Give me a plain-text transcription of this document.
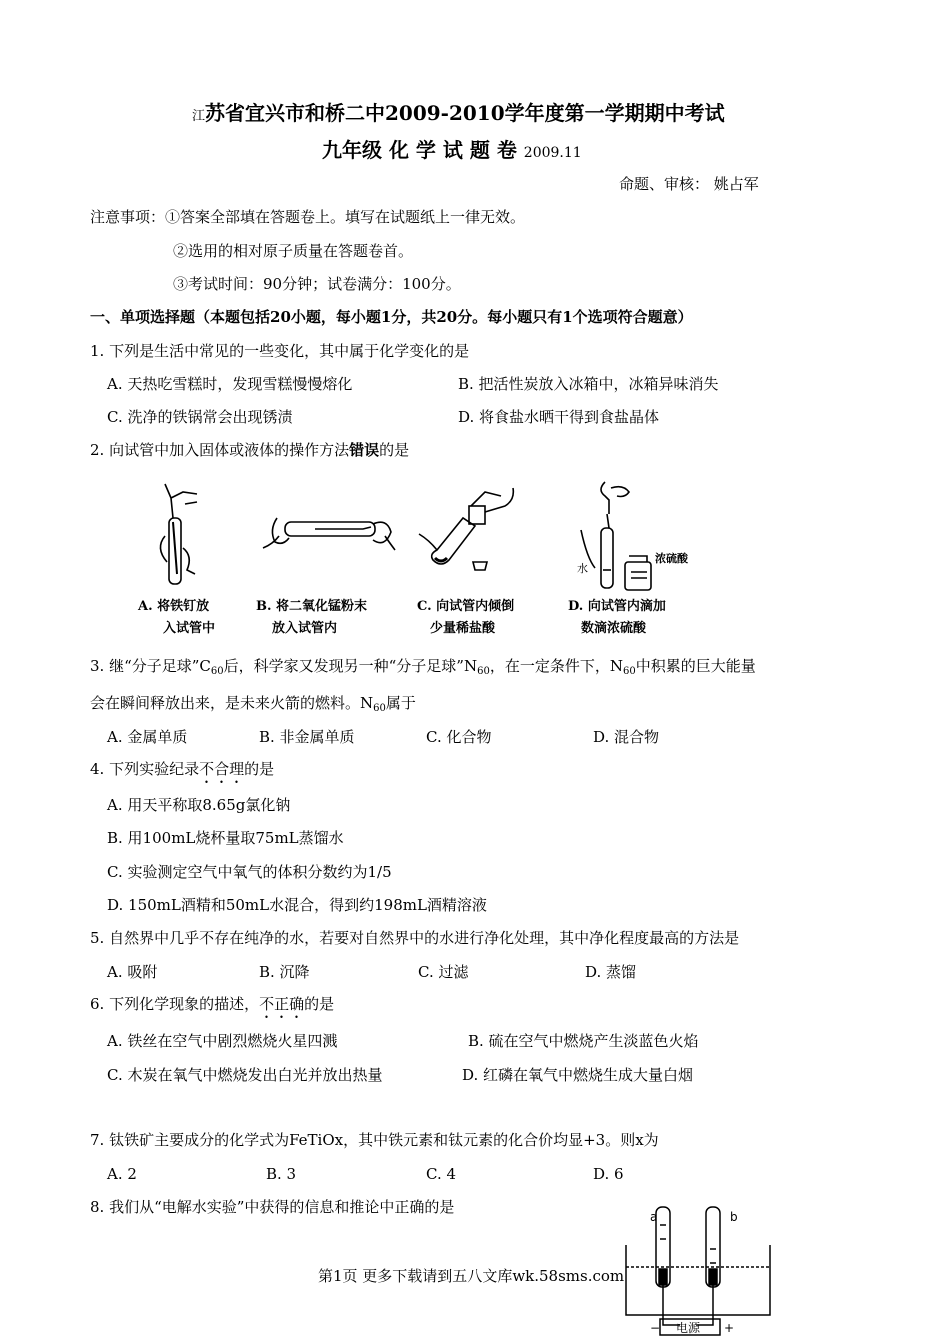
江苏省宜兴市和桥二中2009-2010学年度第一学期期中考试
九年级 化 学 试 题 卷 2009.11
命题、审核： 姚占军
注意事项：①答案全部填在答题卷上。填写在试题纸上一律无效。
②选用的相对原子质量在答题卷首。
③考试时间：90分钟；试卷满分：100分。
一、单项选择题（本题包括20小题，每小题1分，共20分。每小题只有1个选项符合题意）
1. 下列是生活中常见的一些变化，其中属于化学变化的是
A. 天热吃雪糕时，发现雪糕慢慢熔化	B. 把活性炭放入冰箱中，冰箱异味消失
C. 洗净的铁锅常会出现锈渍	D. 将食盐水晒干得到食盐晶体
2. 向试管中加入固体或液体的操作方法错误的是
水
浓硫酸
A. 将铁钉放
入试管中
B. 将二氧化锰粉末
放入试管内
C. 向试管内倾倒
少量稀盐酸
D. 向试管内滴加
数滴浓硫酸
3. 继“分子足球$”C_{60}$后，科学家又发现另一种“分子足球$”N_{60}$，在一定条件下，$N_{60}$中积累的巨大能量
会在瞬间释放出来，是未来火箭的燃料。$N_{60}$属于
A. 金属单质	B. 非金属单质	C. 化合物	D. 混合物
4. 下列实验纪录不合理的是
A. 用天平称取8.65g氯化钠
B. 用100mL烧杯量取75mL蒸馏水
C. 实验测定空气中氧气的体积分数约为1/5
D. 150mL酒精和50mL水混合，得到约198mL酒精溶液
5. 自然界中几乎不存在纯净的水，若要对自然界中的水进行净化处理，其中净化程度最高的方法是
A. 吸附	B. 沉降	C. 过滤	D. 蒸馏
6. 下列化学现象的描述，不正确的是
A. 铁丝在空气中剧烈燃烧火星四溅	B. 硫在空气中燃烧产生淡蓝色火焰
C. 木炭在氧气中燃烧发出白光并放出热量	D. 红磷在氧气中燃烧生成大量白烟
7. 钛铁矿主要成分的化学式为FeTiOx，其中铁元素和钛元素的化合价均显+3。则x为
A. 2	B. 3	C. 4	D. 6
8. 我们从“电解水实验”中获得的信息和推论中正确的是
a	b
电源
−	+
第1页 更多下载请到五八文库wk.58sms.com
